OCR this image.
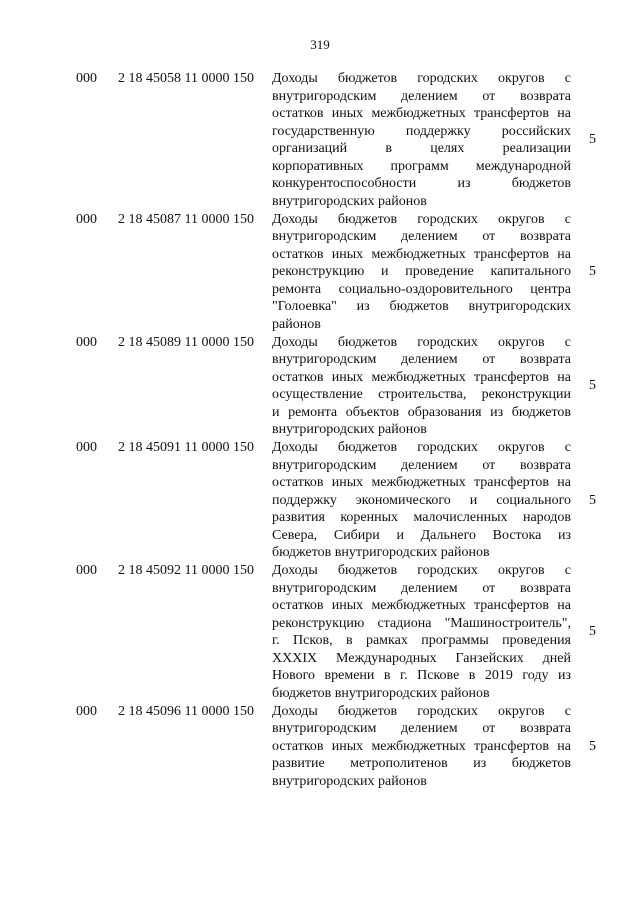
319
000 2 18 45058 11 0000 150 Доходы бюджетов городских округов с
внутригородским делением от возврата
остатков иных межбюджетных трансфертов на
государственную поддержку российских
организаций в целях реализации
корпоративных программ международной
конкурентоспособности из бюджетов
внутригородских районов
5
000 2 18 45087 11 0000 150 Доходы бюджетов городских округов с
внутригородским делением от возврата
остатков иных межбюджетных трансфертов на
реконструкцию и проведение капитального
ремонта социально-оздоровительного центра
"Голоевка" из бюджетов внутригородских
районов
5
000 2 18 45089 11 0000 150 Доходы бюджетов городских округов с
внутригородским делением от возврата
остатков иных межбюджетных трансфертов на
осуществление строительства, реконструкции
и ремонта объектов образования из бюджетов
внутригородских районов
5
000 2 18 45091 11 0000 150 Доходы бюджетов городских округов с
внутригородским делением от возврата
остатков иных межбюджетных трансфертов на
поддержку экономического и социального
развития коренных малочисленных народов
Севера, Сибири и Дальнего Востока из
бюджетов внутригородских районов
5
000 2 18 45092 11 0000 150 Доходы бюджетов городских округов с
внутригородским делением от возврата
остатков иных межбюджетных трансфертов на
реконструкцию стадиона "Машиностроитель",
г. Псков, в рамках программы проведения
XXXIX Международных Ганзейских дней
Нового времени в г. Пскове в 2019 году из
бюджетов внутригородских районов
5
000 2 18 45096 11 0000 150 Доходы бюджетов городских округов с
внутригородским делением от возврата
остатков иных межбюджетных трансфертов на
развитие метрополитенов из бюджетов
внутригородских районов
5
